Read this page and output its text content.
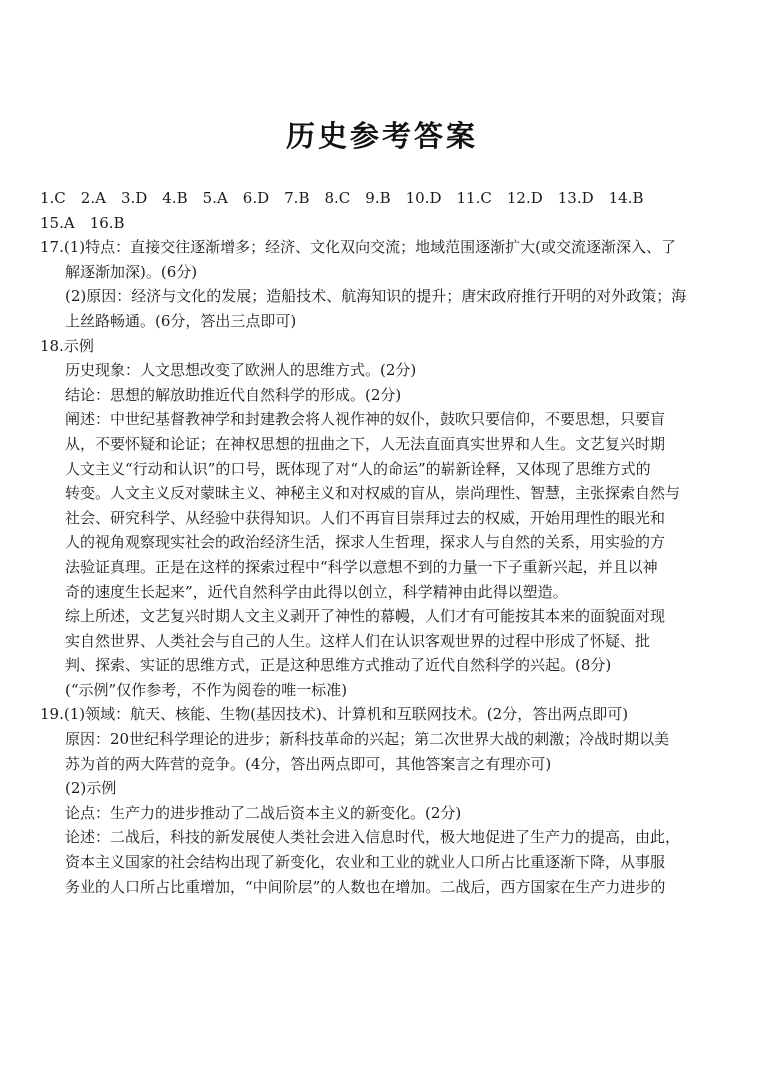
历史参考答案
1.C 2.A 3.D 4.B 5.A 6.D 7.B 8.C 9.B 10.D 11.C 12.D 13.D 14.B
15.A 16.B
17.(1)特点：直接交往逐渐增多；经济、文化双向交流；地域范围逐渐扩大(或交流逐渐深入、了
解逐渐加深)。(6分)
(2)原因：经济与文化的发展；造船技术、航海知识的提升；唐宋政府推行开明的对外政策；海
上丝路畅通。(6分，答出三点即可)
18.示例
历史现象：人文思想改变了欧洲人的思维方式。(2分)
结论：思想的解放助推近代自然科学的形成。(2分)
阐述：中世纪基督教神学和封建教会将人视作神的奴仆，鼓吹只要信仰，不要思想，只要盲
从，不要怀疑和论证；在神权思想的扭曲之下，人无法直面真实世界和人生。文艺复兴时期
人文主义“行动和认识”的口号，既体现了对“人的命运”的崭新诠释，又体现了思维方式的
转变。人文主义反对蒙昧主义、神秘主义和对权威的盲从，崇尚理性、智慧，主张探索自然与
社会、研究科学、从经验中获得知识。人们不再盲目崇拜过去的权威，开始用理性的眼光和
人的视角观察现实社会的政治经济生活，探求人生哲理，探求人与自然的关系，用实验的方
法验证真理。正是在这样的探索过程中“科学以意想不到的力量一下子重新兴起，并且以神
奇的速度生长起来”，近代自然科学由此得以创立，科学精神由此得以塑造。
综上所述，文艺复兴时期人文主义剥开了神性的幕幔，人们才有可能按其本来的面貌面对现
实自然世界、人类社会与自己的人生。这样人们在认识客观世界的过程中形成了怀疑、批
判、探索、实证的思维方式，正是这种思维方式推动了近代自然科学的兴起。(8分)
(“示例”仅作参考，不作为阅卷的唯一标准)
19.(1)领域：航天、核能、生物(基因技术)、计算机和互联网技术。(2分，答出两点即可)
原因：20世纪科学理论的进步；新科技革命的兴起；第二次世界大战的刺激；冷战时期以美
苏为首的两大阵营的竞争。(4分，答出两点即可，其他答案言之有理亦可)
(2)示例
论点：生产力的进步推动了二战后资本主义的新变化。(2分)
论述：二战后，科技的新发展使人类社会进入信息时代，极大地促进了生产力的提高，由此，
资本主义国家的社会结构出现了新变化，农业和工业的就业人口所占比重逐渐下降，从事服
务业的人口所占比重增加，“中间阶层”的人数也在增加。二战后，西方国家在生产力进步的
